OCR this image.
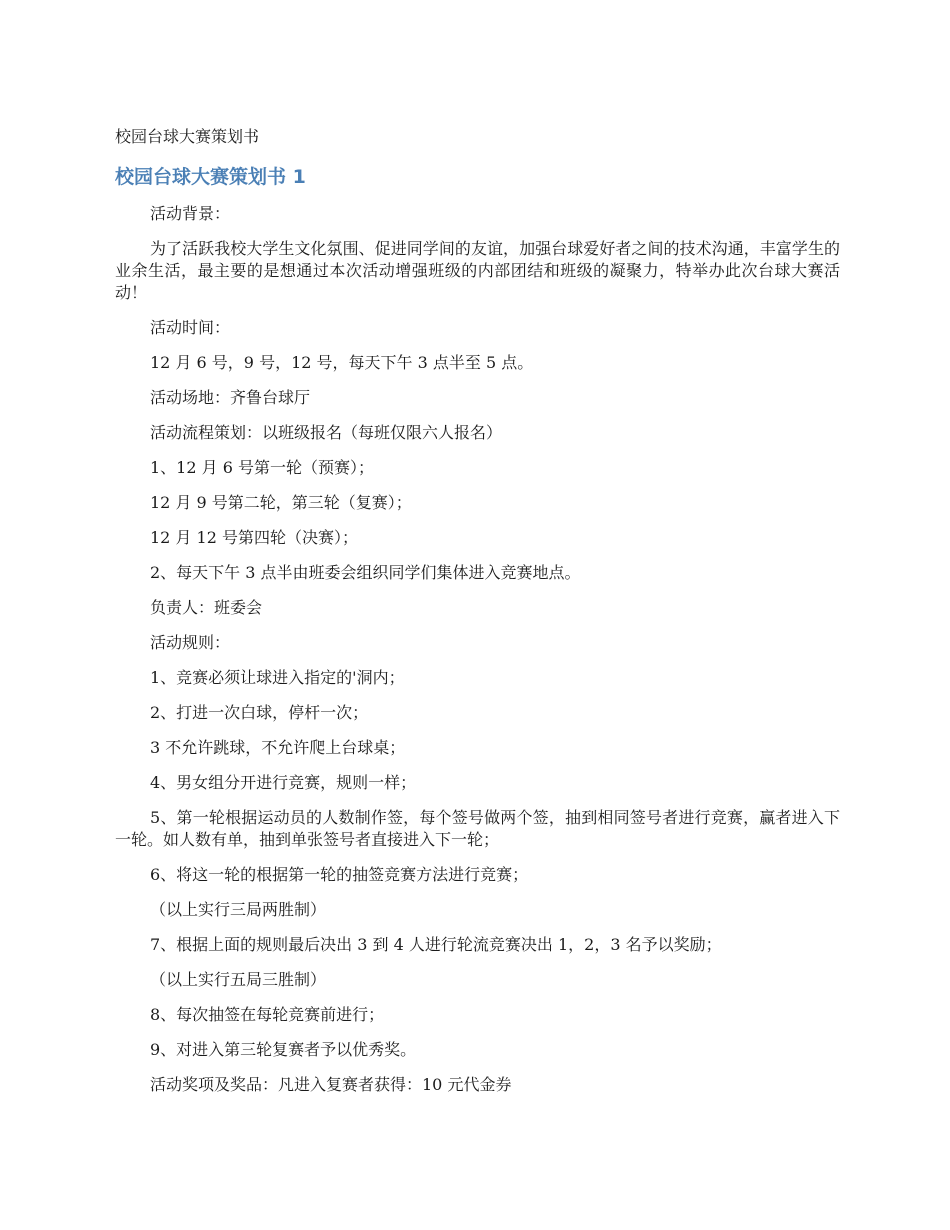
校园台球大赛策划书
校园台球大赛策划书 1

活动背景：

为了活跃我校大学生文化氛围、促进同学间的友谊，加强台球爱好者之间的技术沟通，丰富学生的业余生活，最主要的是想通过本次活动增强班级的内部团结和班级的凝聚力，特举办此次台球大赛活动！

活动时间：

12 月 6 号，9 号，12 号，每天下午 3 点半至 5 点。

活动场地：齐鲁台球厅

活动流程策划：以班级报名（每班仅限六人报名）

1、12 月 6 号第一轮（预赛）；

12 月 9 号第二轮，第三轮（复赛）；

12 月 12 号第四轮（决赛）；

2、每天下午 3 点半由班委会组织同学们集体进入竞赛地点。

负责人：班委会

活动规则：

1、竞赛必须让球进入指定的'洞内；

2、打进一次白球，停杆一次；

3 不允许跳球，不允许爬上台球桌；

4、男女组分开进行竞赛，规则一样；

5、第一轮根据运动员的人数制作签，每个签号做两个签，抽到相同签号者进行竞赛，赢者进入下一轮。如人数有单，抽到单张签号者直接进入下一轮；

6、将这一轮的根据第一轮的抽签竞赛方法进行竞赛；

（以上实行三局两胜制）

7、根据上面的规则最后决出 3 到 4 人进行轮流竞赛决出 1，2，3 名予以奖励；

（以上实行五局三胜制）

8、每次抽签在每轮竞赛前进行；

9、对进入第三轮复赛者予以优秀奖。

活动奖项及奖品：凡进入复赛者获得：10 元代金券
